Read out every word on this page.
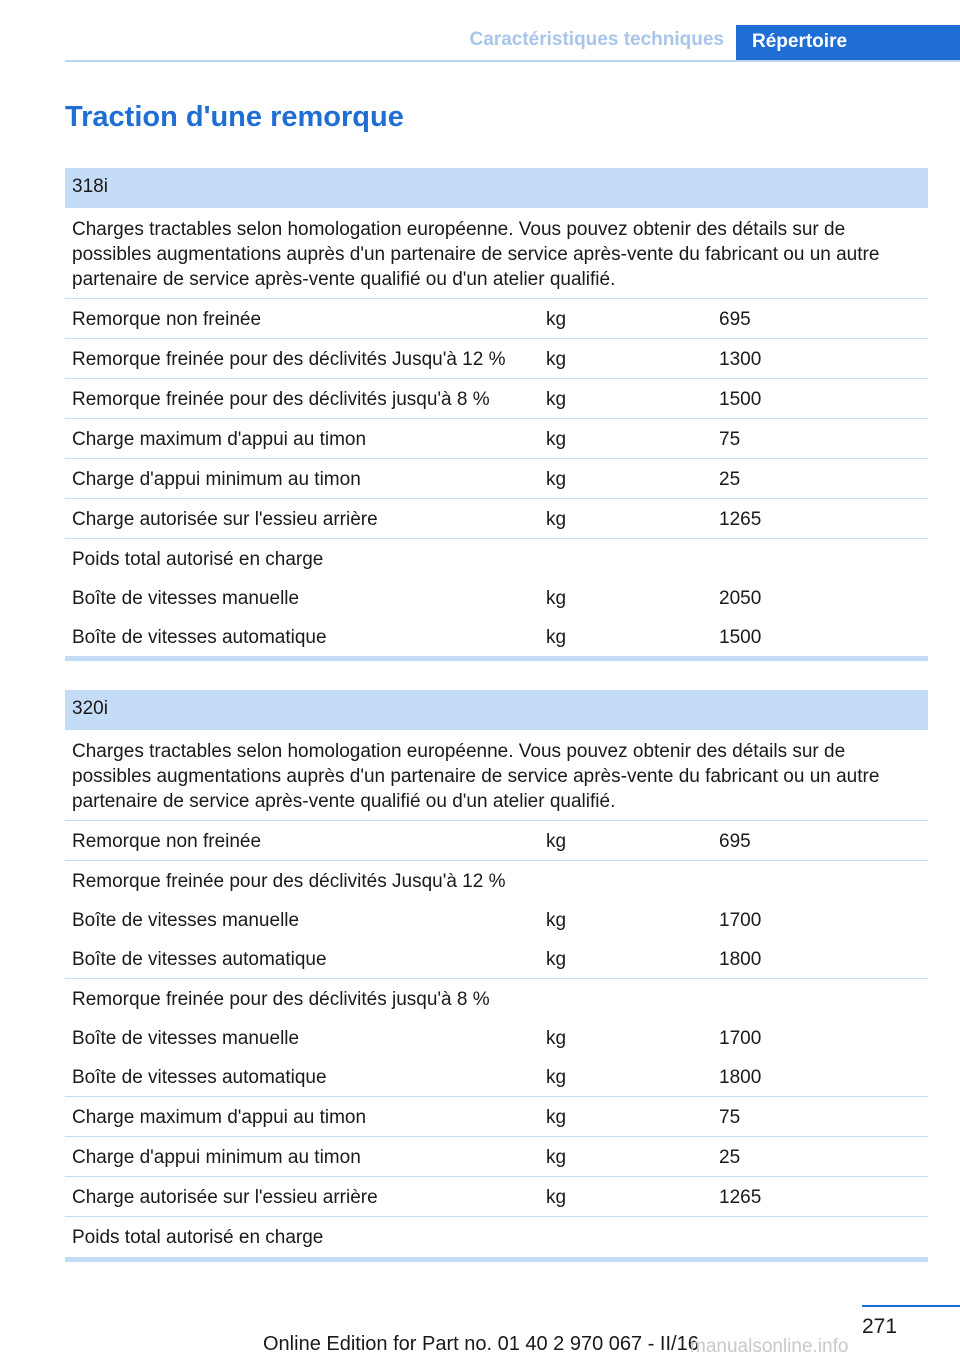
Caractéristiques techniques	Répertoire
Traction d'une remorque
318i
Charges tractables selon homologation européenne. Vous pouvez obtenir des détails sur de possibles augmentations auprès d'un partenaire de service après-vente du fabricant ou un autre partenaire de service après-vente qualifié ou d'un atelier qualifié.
Remorque non freinée	kg	695
Remorque freinée pour des déclivités Jusqu'à 12 % kg	1300
Remorque freinée pour des déclivités jusqu'à 8 %	kg	1500
Charge maximum d'appui au timon	kg	75
Charge d'appui minimum au timon	kg	25
Charge autorisée sur l'essieu arrière	kg	1265
Poids total autorisé en charge
Boîte de vitesses manuelle	kg	2050
Boîte de vitesses automatique	kg	1500
320i
Charges tractables selon homologation européenne. Vous pouvez obtenir des détails sur de possibles augmentations auprès d'un partenaire de service après-vente du fabricant ou un autre partenaire de service après-vente qualifié ou d'un atelier qualifié.
Remorque non freinée	kg	695
Remorque freinée pour des déclivités Jusqu'à 12 %
Boîte de vitesses manuelle	kg	1700
Boîte de vitesses automatique	kg	1800
Remorque freinée pour des déclivités jusqu'à 8 %
Boîte de vitesses manuelle	kg	1700
Boîte de vitesses automatique	kg	1800
Charge maximum d'appui au timon	kg	75
Charge d'appui minimum au timon	kg	25
Charge autorisée sur l'essieu arrière	kg	1265
Poids total autorisé en charge
271
Online Edition for Part no. 01 40 2 970 067 - II/16
manualsonline.info
